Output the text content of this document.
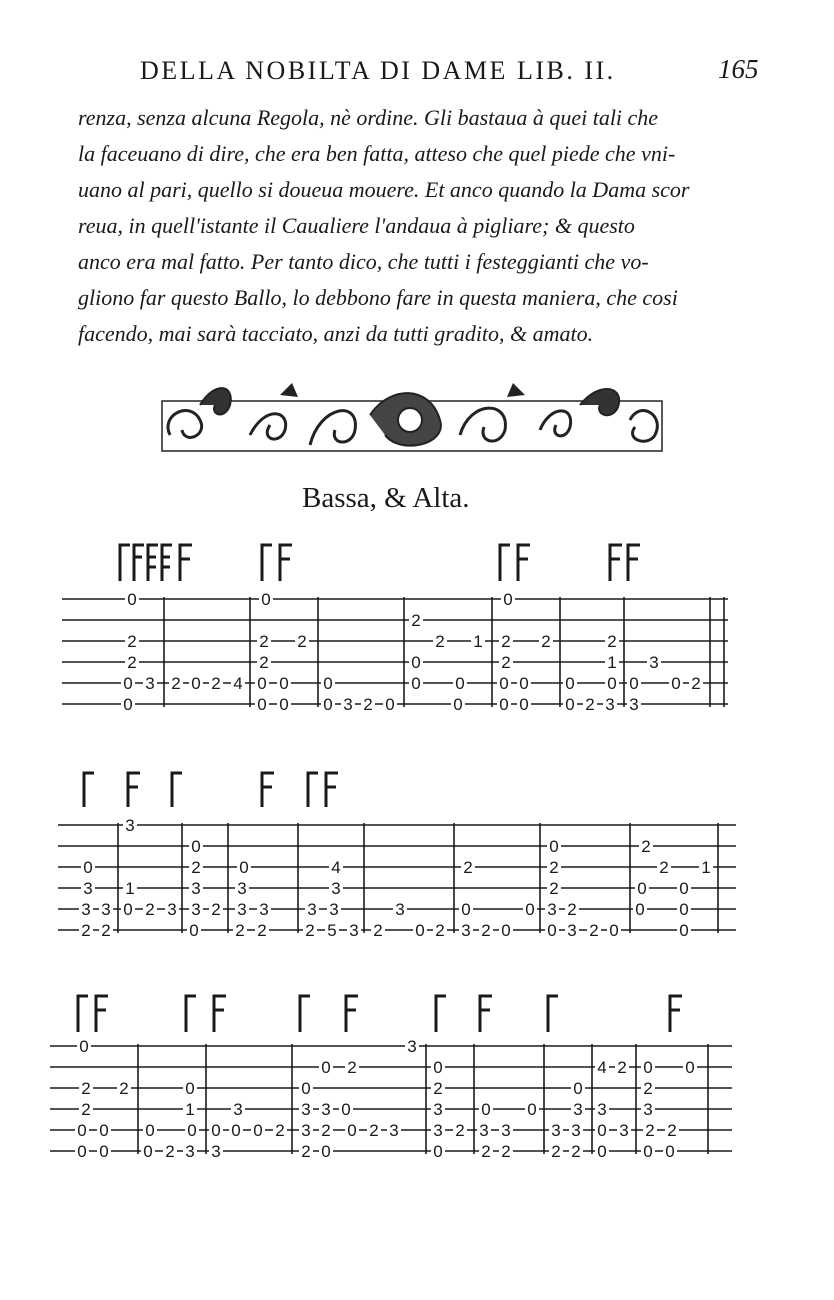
DELLA NOBILTA DI DAME LIB. II.	165
renza, senza alcuna Regola, nè ordine. Gli bastaua à quei tali che
la faceuano di dire, che era ben fatta, atteso che quel piede che vni-
uano al pari, quello si doueua mouere. Et anco quando la Dama scor
reua, in quell'istante il Caualiere l'andaua à pigliare; & questo
anco era mal fatto. Per tanto dico, che tutti i festeggianti che vo-
gliono far questo Ballo, lo debbono fare in questa maniera, che cosi
facendo, mai sarà tacciato, anzi da tutti gradito, & amato.
Bassa, & Alta.
0
2
2
0 3 2 0 2 4
0
0
2 2
2
0 0
0 0
0
0 3 2 0
2
2 1
0
0 0
0
0
2 2
2
0 0
0 0
2
1 3
0 0 0 0 2
0 2 3 3
3
0
3 1
3 3 0 2 3
2 2
0
2 0
3 3
3 2 3 3
0 2 2
4
3
3 3	3
2 5 3 2 0 2
2
0
3 2 0
0
2
2
0 3 2
0 3 2 0
2
2 1
0 0
0 0
0
0
2 2
2
0 0
0 0
0 0
0 2 3
0
1 3
0 0 0 2
3
0
0 2
3 3 0
3 2 0 2 3
2 0
3
0
2
3 0 0
3 2 3 3
0 2 2
0
3 3
3 3 0 3
2 2 0
4 2 0 0
2
3
2 2
0 0
